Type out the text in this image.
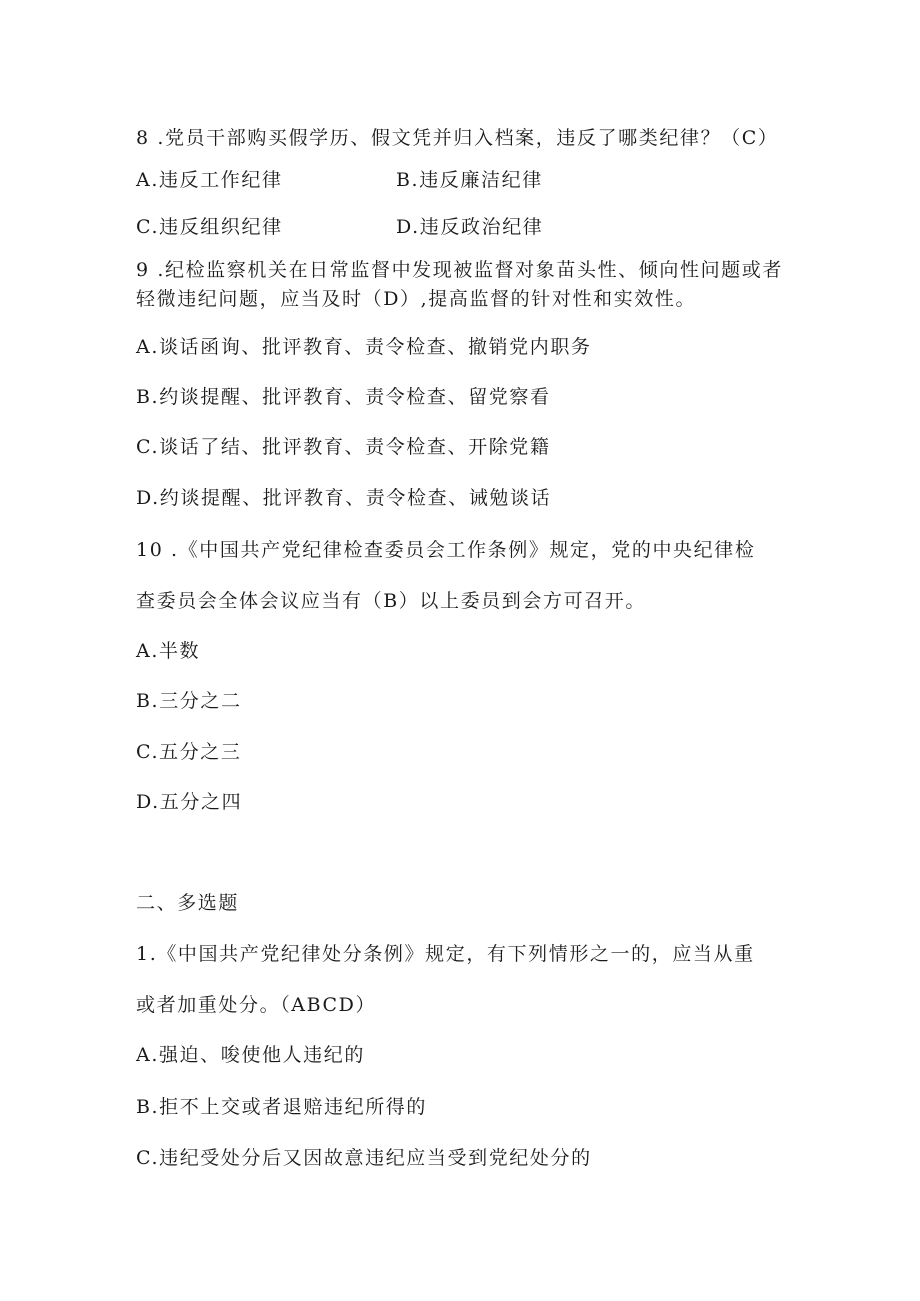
8 .党员干部购买假学历、假文凭并归入档案，违反了哪类纪律？（C）
A.违反工作纪律	B.违反廉洁纪律
C.违反组织纪律	D.违反政治纪律
9 .纪检监察机关在日常监督中发现被监督对象苗头性、倾向性问题或者
轻微违纪问题，应当及时（D）,提高监督的针对性和实效性。
A.谈话函询、批评教育、责令检查、撤销党内职务
B.约谈提醒、批评教育、责令检查、留党察看
C.谈话了结、批评教育、责令检查、开除党籍
D.约谈提醒、批评教育、责令检查、诫勉谈话
10 .《中国共产党纪律检查委员会工作条例》规定，党的中央纪律检
查委员会全体会议应当有（B）以上委员到会方可召开。
A.半数
B.三分之二
C.五分之三
D.五分之四
二、多选题
1.《中国共产党纪律处分条例》规定，有下列情形之一的，应当从重
或者加重处分。（ABCD）
A.强迫、唆使他人违纪的
B.拒不上交或者退赔违纪所得的
C.违纪受处分后又因故意违纪应当受到党纪处分的
